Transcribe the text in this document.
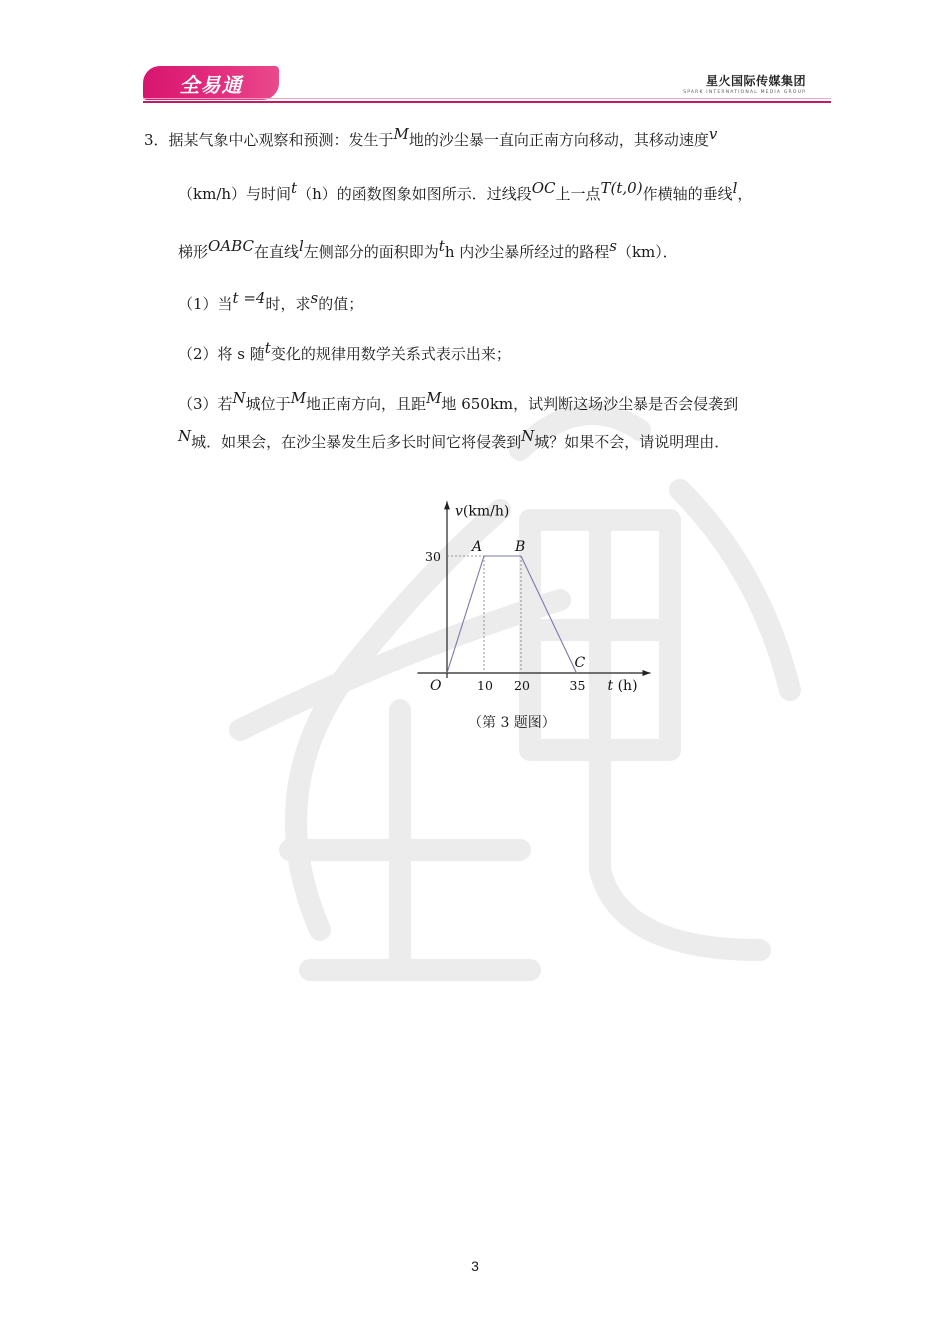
全易通	星火国际传媒集团
SPARK INTERNATIONAL MEDIA GROUP
3．据某气象中心观察和预测：发生于M地的沙尘暴一直向正南方向移动，其移动速度v
（km/h）与时间t（h）的函数图象如图所示．过线段OC上一点T(t,0)作横轴的垂线l，
梯形OABC在直线l左侧部分的面积即为th 内沙尘暴所经过的路程s（km）．
（1）当t =4时，求s的值；
（2）将 s 随t变化的规律用数学关系式表示出来；
（3）若N城位于M地正南方向，且距M地 650km，试判断这场沙尘暴是否会侵袭到
N城．如果会，在沙尘暴发生后多长时间它将侵袭到N城？如果不会，请说明理由．
A B
C
O	10 20	35
30
v(km/h)
t (h)
（第 3 题图）
3
